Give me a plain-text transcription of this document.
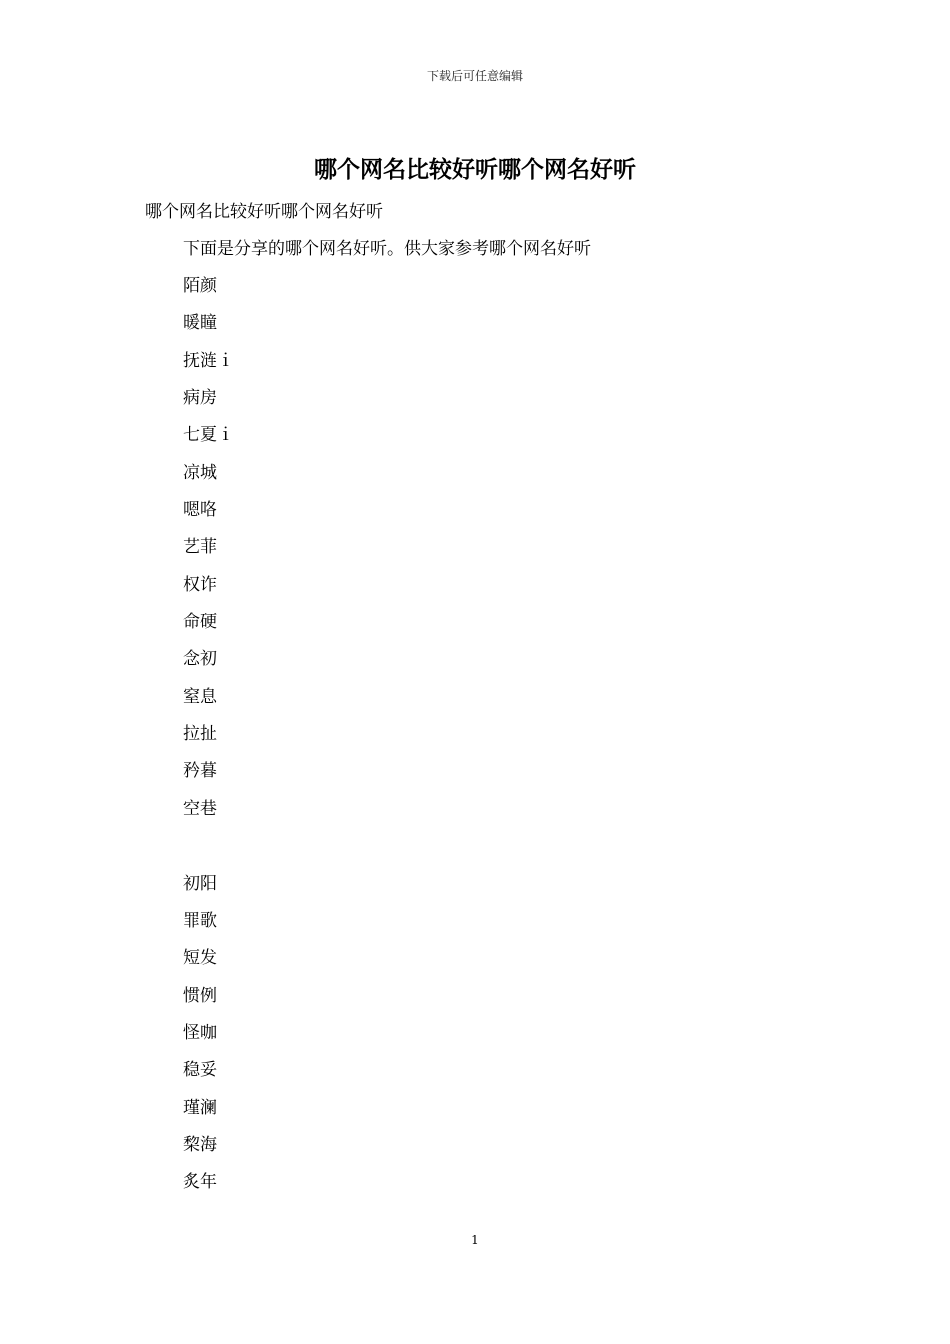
下载后可任意编辑
哪个网名比较好听哪个网名好听

哪个网名比较好听哪个网名好听

下面是分享的哪个网名好听。供大家参考哪个网名好听

陌颜
暖瞳
抚涟ｉ
病房
七夏ｉ
凉城
嗯咯
艺菲
权诈
命硬
念初
窒息
拉扯
矜暮
空巷
初阳
罪歌
短发
惯例
怪咖
稳妥
瑾澜
棃海
炙年
1
